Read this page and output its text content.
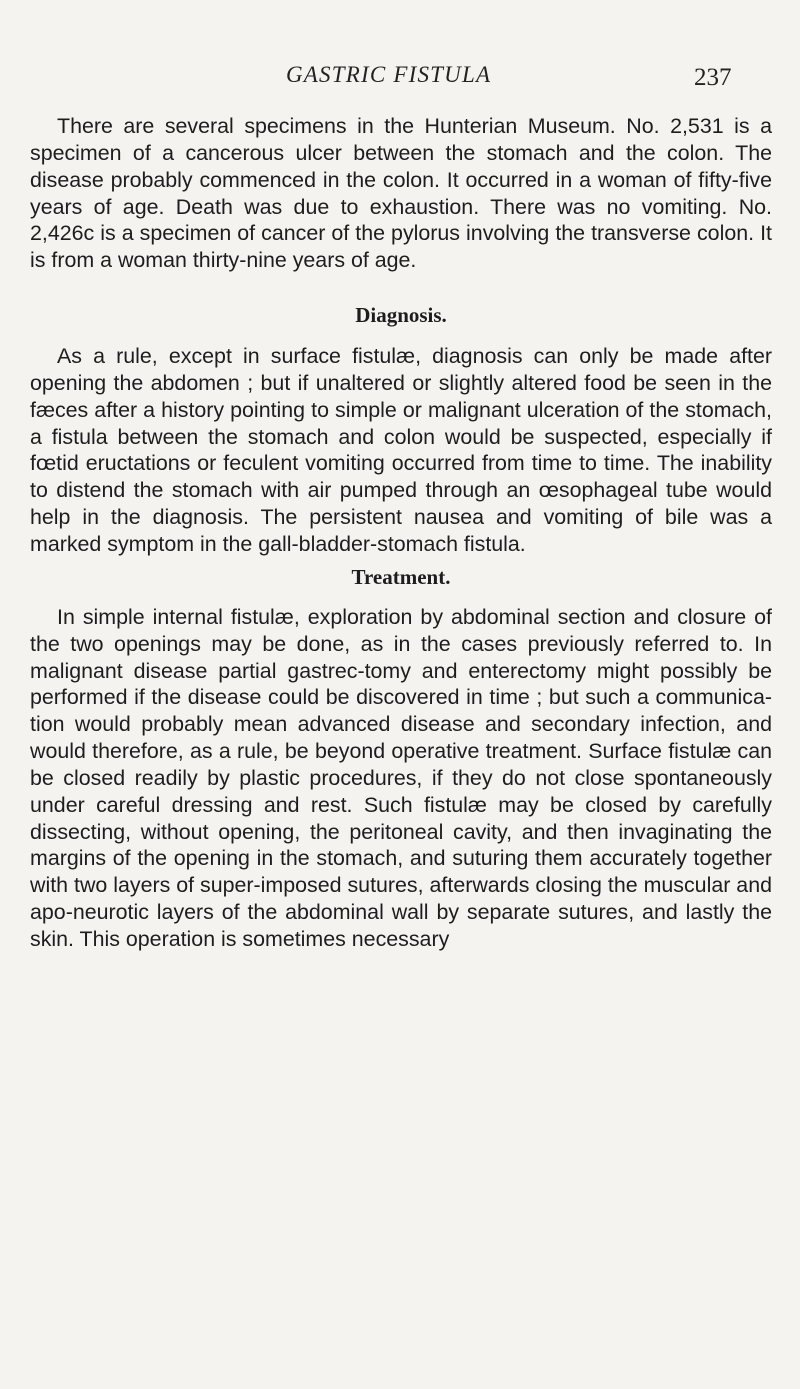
GASTRIC FISTULA	237

There are several specimens in the Hunterian Museum. No. 2,531 is a specimen of a cancerous ulcer between the stomach and the colon. The disease probably commenced in the colon. It occurred in a woman of fifty-five years of age. Death was due to exhaustion. There was no vomiting. No. 2,426c is a specimen of cancer of the pylorus involving the transverse colon. It is from a woman thirty-nine years of age.

Diagnosis.

As a rule, except in surface fistulæ, diagnosis can only be made after opening the abdomen ; but if unaltered or slightly altered food be seen in the fæces after a history pointing to simple or malignant ulceration of the stomach, a fistula between the stomach and colon would be suspected, especially if fœtid eructations or feculent vomiting occurred from time to time. The inability to distend the stomach with air pumped through an œsophageal tube would help in the diagnosis. The persistent nausea and vomiting of bile was a marked symptom in the gall-bladder-stomach fistula.

Treatment.

In simple internal fistulæ, exploration by abdominal section and closure of the two openings may be done, as in the cases previously referred to. In malignant disease partial gastrec-tomy and enterectomy might possibly be performed if the disease could be discovered in time ; but such a communica-tion would probably mean advanced disease and secondary infection, and would therefore, as a rule, be beyond operative treatment. Surface fistulæ can be closed readily by plastic procedures, if they do not close spontaneously under careful dressing and rest. Such fistulæ may be closed by carefully dissecting, without opening, the peritoneal cavity, and then invaginating the margins of the opening in the stomach, and suturing them accurately together with two layers of super-imposed sutures, afterwards closing the muscular and apo-neurotic layers of the abdominal wall by separate sutures, and lastly the skin. This operation is sometimes necessary
